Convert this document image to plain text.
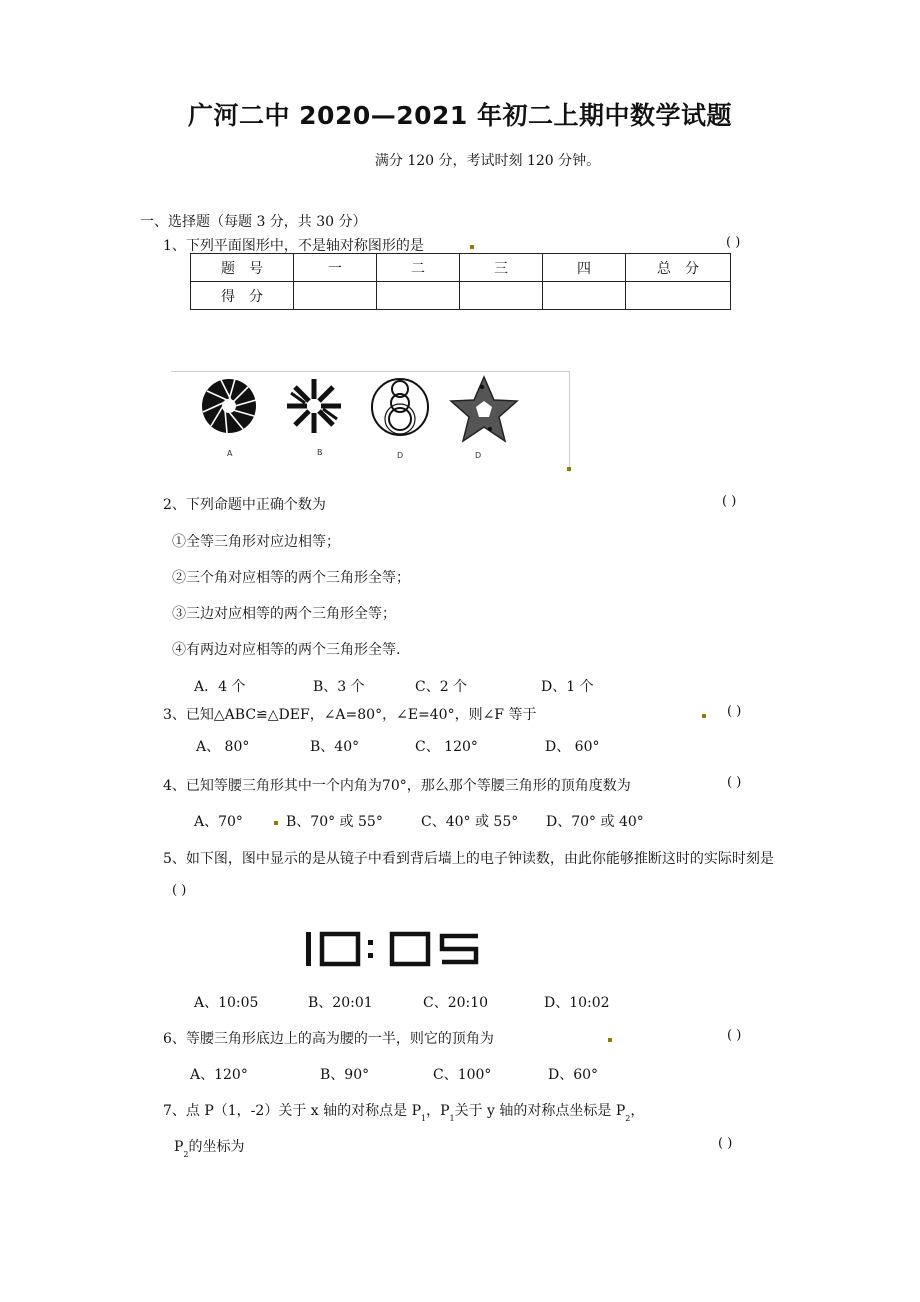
广河二中 2020—2021 年初二上期中数学试题
满分 120 分，考试时刻 120 分钟。
一、选择题（每题 3 分，共 30 分）
1、下列平面图形中，不是轴对称图形的是	( )
题　号	一	二	三	四	总　分
得　分					
A	B	D	D
2、下列命题中正确个数为	( )
①全等三角形对应边相等；
②三个角对应相等的两个三角形全等；
③三边对应相等的两个三角形全等；
④有两边对应相等的两个三角形全等.
A．4 个	B、3 个	C、2 个	D、1 个
3、已知△ABC≌△DEF，∠A=80°，∠E=40°，则∠F 等于	( )
A、 80°	B、40°	C、 120°	D、 60°
4、已知等腰三角形其中一个内角为70°，那么那个等腰三角形的顶角度数为	( )
A、70°	B、70° 或 55°	C、40° 或 55° D、70° 或 40°
5、如下图，图中显示的是从镜子中看到背后墙上的电子钟读数，由此你能够推断这时的实际时刻是
( )
A、10:05	B、20:01	C、20:10	D、10:02
6、等腰三角形底边上的高为腰的一半，则它的顶角为	( )
A、120°	B、90°	C、100°	D、60°
7、点 P（1，-2）关于 x 轴的对称点是 $P_1$，$P_1$关于 y 轴的对称点坐标是 $P_2$，
$P_2$的坐标为	( )
